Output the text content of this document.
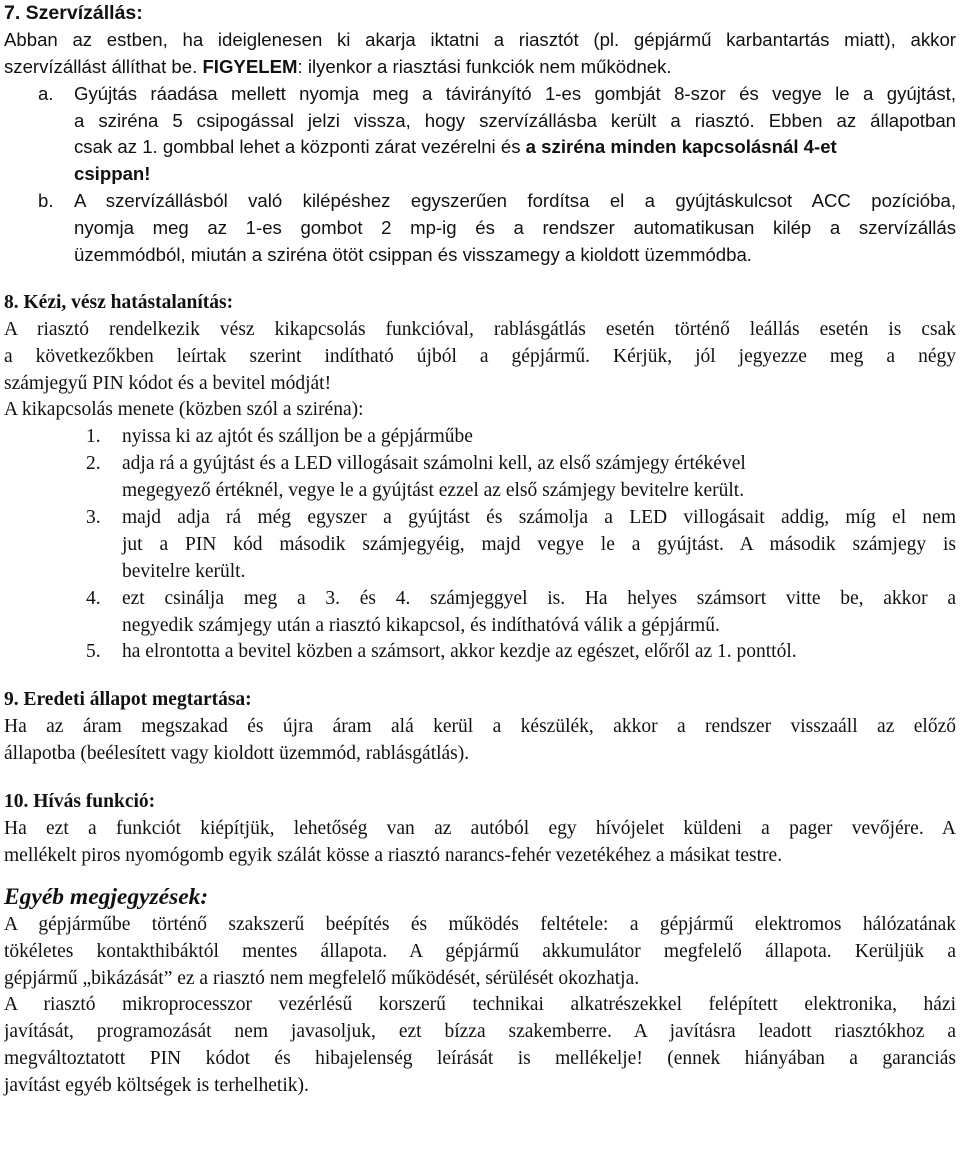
7. Szervízállás:
Abban az estben, ha ideiglenesen ki akarja iktatni a riasztót (pl. gépjármű karbantartás miatt), akkor
szervízállást állíthat be. FIGYELEM: ilyenkor a riasztási funkciók nem működnek.
a.	Gyújtás ráadása mellett nyomja meg a távirányító 1-es gombját 8-szor és vegye le a gyújtást,
a sziréna 5 csipogással jelzi vissza, hogy szervízállásba került a riasztó. Ebben az állapotban
csak az 1. gombbal lehet a központi zárat vezérelni és a sziréna minden kapcsolásnál 4-et
csippan!
b.	A szervízállásból való kilépéshez egyszerűen fordítsa el a gyújtáskulcsot ACC pozícióba,
nyomja meg az 1-es gombot 2 mp-ig és a rendszer automatikusan kilép a szervízállás
üzemmódból, miután a sziréna ötöt csippan és visszamegy a kioldott üzemmódba.
8. Kézi, vész hatástalanítás:
A riasztó rendelkezik vész kikapcsolás funkcióval, rablásgátlás esetén történő leállás esetén is csak
a következőkben leírtak szerint indítható újból a gépjármű. Kérjük, jól jegyezze meg a négy
számjegyű PIN kódot és a bevitel módját!
A kikapcsolás menete (közben szól a sziréna):
1.	nyissa ki az ajtót és szálljon be a gépjárműbe
2.	adja rá a gyújtást és a LED villogásait számolni kell, az első számjegy értékével
megegyező értéknél, vegye le a gyújtást ezzel az első számjegy bevitelre került.
3.	majd adja rá még egyszer a gyújtást és számolja a LED villogásait addig, míg el nem
jut a PIN kód második számjegyéig, majd vegye le a gyújtást. A második számjegy is
bevitelre került.
4.	ezt csinálja meg a 3. és 4. számjeggyel is. Ha helyes számsort vitte be, akkor a
negyedik számjegy után a riasztó kikapcsol, és indíthatóvá válik a gépjármű.
5.	ha elrontotta a bevitel közben a számsort, akkor kezdje az egészet, előről az 1. ponttól.
9. Eredeti állapot megtartása:
Ha az áram megszakad és újra áram alá kerül a készülék, akkor a rendszer visszaáll az előző
állapotba (beélesített vagy kioldott üzemmód, rablásgátlás).
10. Hívás funkció:
Ha ezt a funkciót kiépítjük, lehetőség van az autóból egy hívójelet küldeni a pager vevőjére. A
mellékelt piros nyomógomb egyik szálát kösse a riasztó narancs-fehér vezetékéhez a másikat testre.
Egyéb megjegyzések:
A gépjárműbe történő szakszerű beépítés és működés feltétele: a gépjármű elektromos hálózatának
tökéletes kontakthibáktól mentes állapota. A gépjármű akkumulátor megfelelő állapota. Kerüljük a
gépjármű „bikázását” ez a riasztó nem megfelelő működését, sérülését okozhatja.
A riasztó mikroprocesszor vezérlésű korszerű technikai alkatrészekkel felépített elektronika, házi
javítását, programozását nem javasoljuk, ezt bízza szakemberre. A javításra leadott riasztókhoz a
megváltoztatott PIN kódot és hibajelenség leírását is mellékelje! (ennek hiányában a garanciás
javítást egyéb költségek is terhelhetik).
